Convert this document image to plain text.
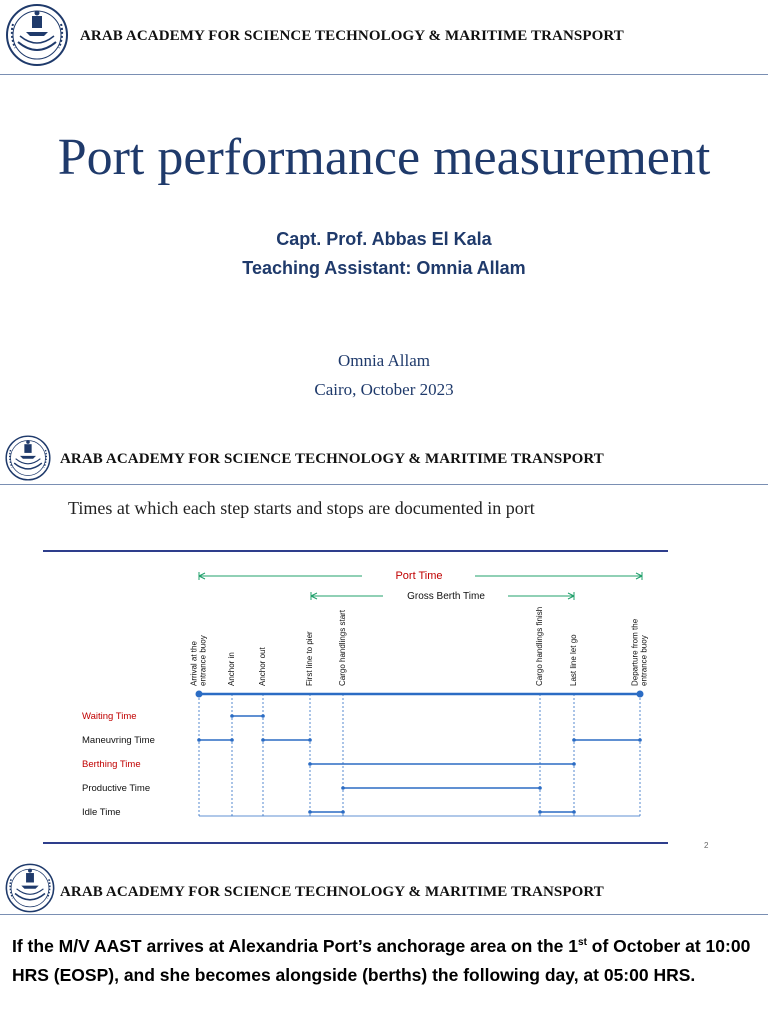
ARAB ACADEMY FOR SCIENCE TECHNOLOGY & MARITIME TRANSPORT
Port performance measurement
Capt. Prof. Abbas El Kala
Teaching Assistant: Omnia Allam
Omnia Allam
Cairo, October 2023
ARAB ACADEMY FOR SCIENCE TECHNOLOGY & MARITIME TRANSPORT
Times at which each step starts and stops are documented in port
Port Time
Gross Berth Time
Arrival at the entrance buoy Anchor in	Anchor out	First line to pier	Cargo handlings start	Cargo handlings finish	Last line let go	Departure from the entrance buoy
Waiting Time
Maneuvring Time
Berthing Time
Productive Time
Idle Time
2
ARAB ACADEMY FOR SCIENCE TECHNOLOGY & MARITIME TRANSPORT
If the M/V AAST arrives at Alexandria Port’s anchorage area on the 1st of October at 10:00 HRS (EOSP), and she becomes alongside (berths) the following day, at 05:00 HRS.
